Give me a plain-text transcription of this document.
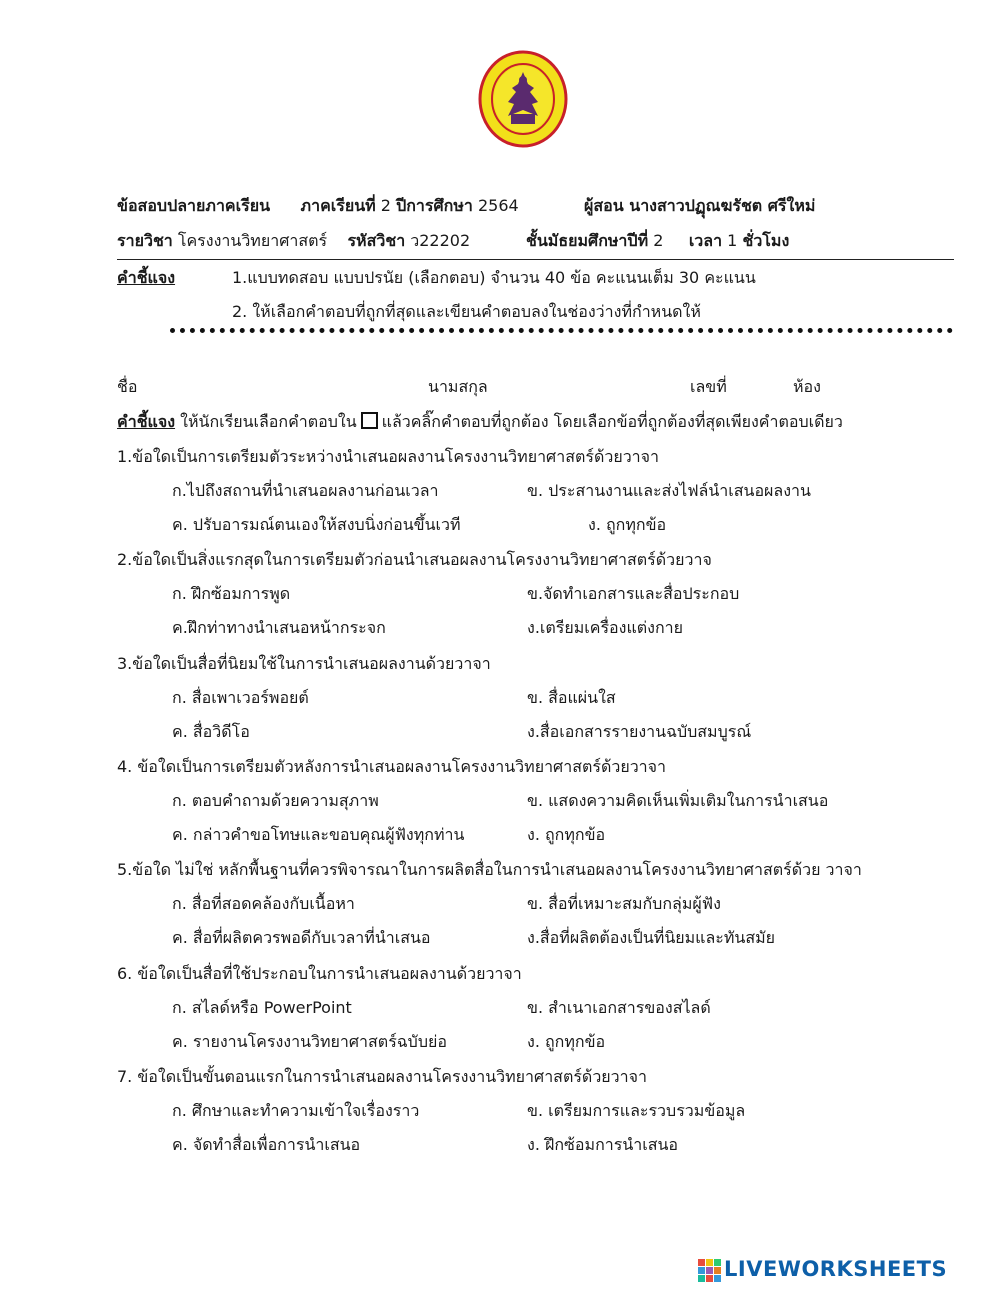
ข้อสอบปลายภาคเรียน ภาคเรียนที่ 2 ปีการศึกษา 2564	ผู้สอน นางสาวปฏุณฆรัชต ศรีใหม่
รายวิชา โครงงานวิทยาศาสตร์ รหัสวิชา ว22202	ชั้นมัธยมศึกษาปีที่ 2 เวลา 1 ชั่วโมง
คำชี้แจง	1.แบบทดสอบ แบบปรนัย (เลือกตอบ) จำนวน 40 ข้อ คะแนนเต็ม 30 คะแนน
2. ให้เลือกคำตอบที่ถูกที่สุดและเขียนคำตอบลงในช่องว่างที่กำหนดให้
ชื่อ	นามสกุล	เลขที่	ห้อง
คำชี้แจง ให้นักเรียนเลือกคำตอบใน แล้วคลิ๊กคำตอบที่ถูกต้อง โดยเลือกข้อที่ถูกต้องที่สุดเพียงคำตอบเดียว
1.ข้อใดเป็นการเตรียมตัวระหว่างนำเสนอผลงานโครงงานวิทยาศาสตร์ด้วยวาจา
ก.ไปถึงสถานที่นำเสนอผลงานก่อนเวลา	ข. ประสานงานและส่งไฟล์นำเสนอผลงาน
ค. ปรับอารมณ์ตนเองให้สงบนิ่งก่อนขึ้นเวที	ง. ถูกทุกข้อ
2.ข้อใดเป็นสิ่งแรกสุดในการเตรียมตัวก่อนนำเสนอผลงานโครงงานวิทยาศาสตร์ด้วยวาจ
ก. ฝึกซ้อมการพูด	ข.จัดทำเอกสารและสื่อประกอบ
ค.ฝึกท่าทางนำเสนอหน้ากระจก	ง.เตรียมเครื่องแต่งกาย
3.ข้อใดเป็นสื่อที่นิยมใช้ในการนำเสนอผลงานด้วยวาจา
ก. สื่อเพาเวอร์พอยต์	ข. สื่อแผ่นใส
ค. สื่อวิดีโอ	ง.สื่อเอกสารรายงานฉบับสมบูรณ์
4. ข้อใดเป็นการเตรียมตัวหลังการนำเสนอผลงานโครงงานวิทยาศาสตร์ด้วยวาจา
ก. ตอบคำถามด้วยความสุภาพ	ข. แสดงความคิดเห็นเพิ่มเติมในการนำเสนอ
ค. กล่าวคำขอโทษและขอบคุณผู้ฟังทุกท่าน	ง. ถูกทุกข้อ
5.ข้อใด ไม่ใช่ หลักพื้นฐานที่ควรพิจารณาในการผลิตสื่อในการนำเสนอผลงานโครงงานวิทยาศาสตร์ด้วย วาจา
ก. สื่อที่สอดคล้องกับเนื้อหา	ข. สื่อที่เหมาะสมกับกลุ่มผู้ฟัง
ค. สื่อที่ผลิตควรพอดีกับเวลาที่นำเสนอ	ง.สื่อที่ผลิตต้องเป็นที่นิยมและทันสมัย
6. ข้อใดเป็นสื่อที่ใช้ประกอบในการนำเสนอผลงานด้วยวาจา
ก. สไลด์หรือ PowerPoint	ข. สำเนาเอกสารของสไลด์
ค. รายงานโครงงานวิทยาศาสตร์ฉบับย่อ	ง. ถูกทุกข้อ
7. ข้อใดเป็นขั้นตอนแรกในการนำเสนอผลงานโครงงานวิทยาศาสตร์ด้วยวาจา
ก. ศึกษาและทำความเข้าใจเรื่องราว	ข. เตรียมการและรวบรวมข้อมูล
ค. จัดทำสื่อเพื่อการนำเสนอ	ง. ฝึกซ้อมการนำเสนอ
LIVEWORKSHEETS
